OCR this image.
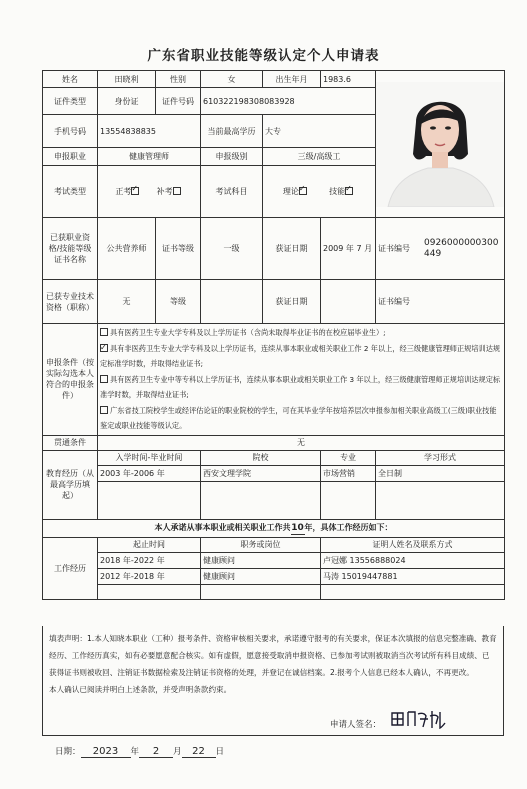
广东省职业技能等级认定个人申请表
姓名	田晓利	性别	女	出生年月	1983.6	

证件类型	身份证	证件号码	610322198308083928			
手机号码	13554838835		当前最高学历	大专		
申报职业	健康管理师		申报级别	三级/高级工		
考试类型	正考 ✓ 补考		考试科目	理论 ✓ 技能✓
已获职业资格/技能等级证书名称	公共营养师	证书等级	一级	获证日期	2009 年 7 月	证书编号0926000000300449
已获专业技术资格（职称）	无	等级		获证日期		证书编号
申报条件（按实际勾选本人符合的申报条件）	具有医药卫生专业大学专科及以上学历证书（含尚未取得毕业证书的在校应届毕业生）;

✓具有非医药卫生专业大学专科及以上学历证书，连续从事本职业或相关职业工作 2 年以上，经三级健康管理师正规培训达规定标准学时数，并取得结业证书;

具有医药卫生专业中等专科以上学历证书，连续从事本职业或相关职业工作 3 年以上，经三级健康管理师正规培训达规定标准学时数，并取得结业证书;

广东省技工院校学生或经评估论证的职业院校的学生，可在其毕业学年按培养层次申报参加相关职业高级工(三级)职业技能鉴定或职业技能等级认定。

贯通条件	无					
教育经历（从最高学历填起）	入学时间-毕业时间		院校		专业	学习形式
	2003 年-2006 年		西安文理学院		市场营销	全日制

本人承诺从事本职业或相关职业工作共10年，具体工作经历如下：						
工作经历	起止时间		职务或岗位		证明人姓名及联系方式	
	2018 年-2022 年		健康顾问		卢冠娜 13556888024	
	2012 年-2018 年		健康顾问		马涛 15019447881	

填表声明：1.本人知晓本职业（工种）报考条件、资格审核相关要求，承诺遵守报考的有关要求，保证本次填报的信息完整准确、教育经历、工作经历真实，如有必要愿意配合核实。如有虚假，愿意接受取消申报资格、已参加考试则被取消当次考试所有科目成绩、已获得证书则被收回、注销证书数据检索及注销证书资格的处理，并登记在诚信档案。2.报考个人信息已经本人确认，不再更改。

本人确认已阅读并明白上述条款，并受声明条款约束。

申请人签名：
日期： 2023 年 2 月 22 日
